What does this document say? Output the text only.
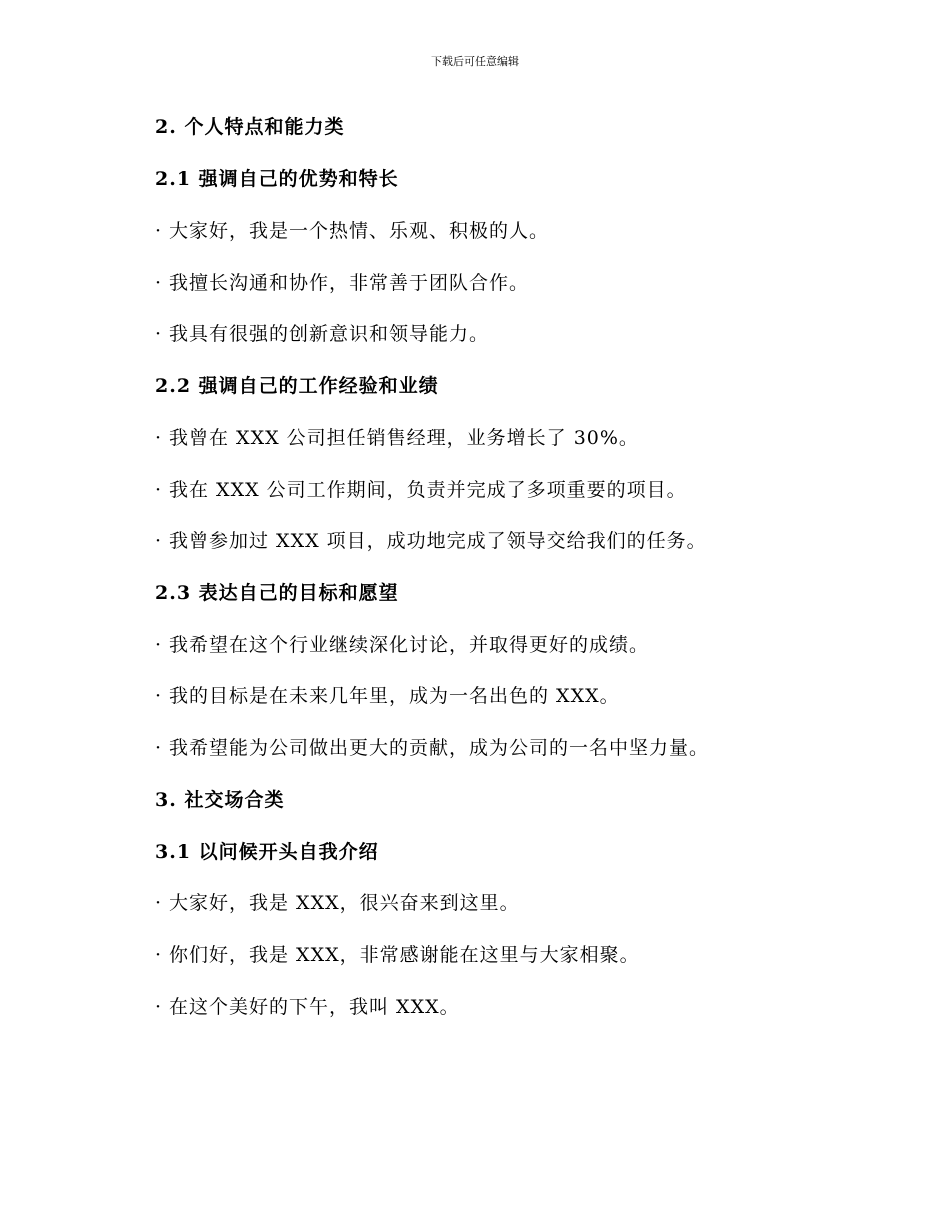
下载后可任意编辑
2. 个人特点和能力类
2.1 强调自己的优势和特长
· 大家好，我是一个热情、乐观、积极的人。
· 我擅长沟通和协作，非常善于团队合作。
· 我具有很强的创新意识和领导能力。
2.2 强调自己的工作经验和业绩
· 我曾在 XXX 公司担任销售经理，业务增长了 30%。
· 我在 XXX 公司工作期间，负责并完成了多项重要的项目。
· 我曾参加过 XXX 项目，成功地完成了领导交给我们的任务。
2.3 表达自己的目标和愿望
· 我希望在这个行业继续深化讨论，并取得更好的成绩。
· 我的目标是在未来几年里，成为一名出色的 XXX。
· 我希望能为公司做出更大的贡献，成为公司的一名中坚力量。
3. 社交场合类
3.1 以问候开头自我介绍
· 大家好，我是 XXX，很兴奋来到这里。
· 你们好，我是 XXX，非常感谢能在这里与大家相聚。
· 在这个美好的下午，我叫 XXX。
